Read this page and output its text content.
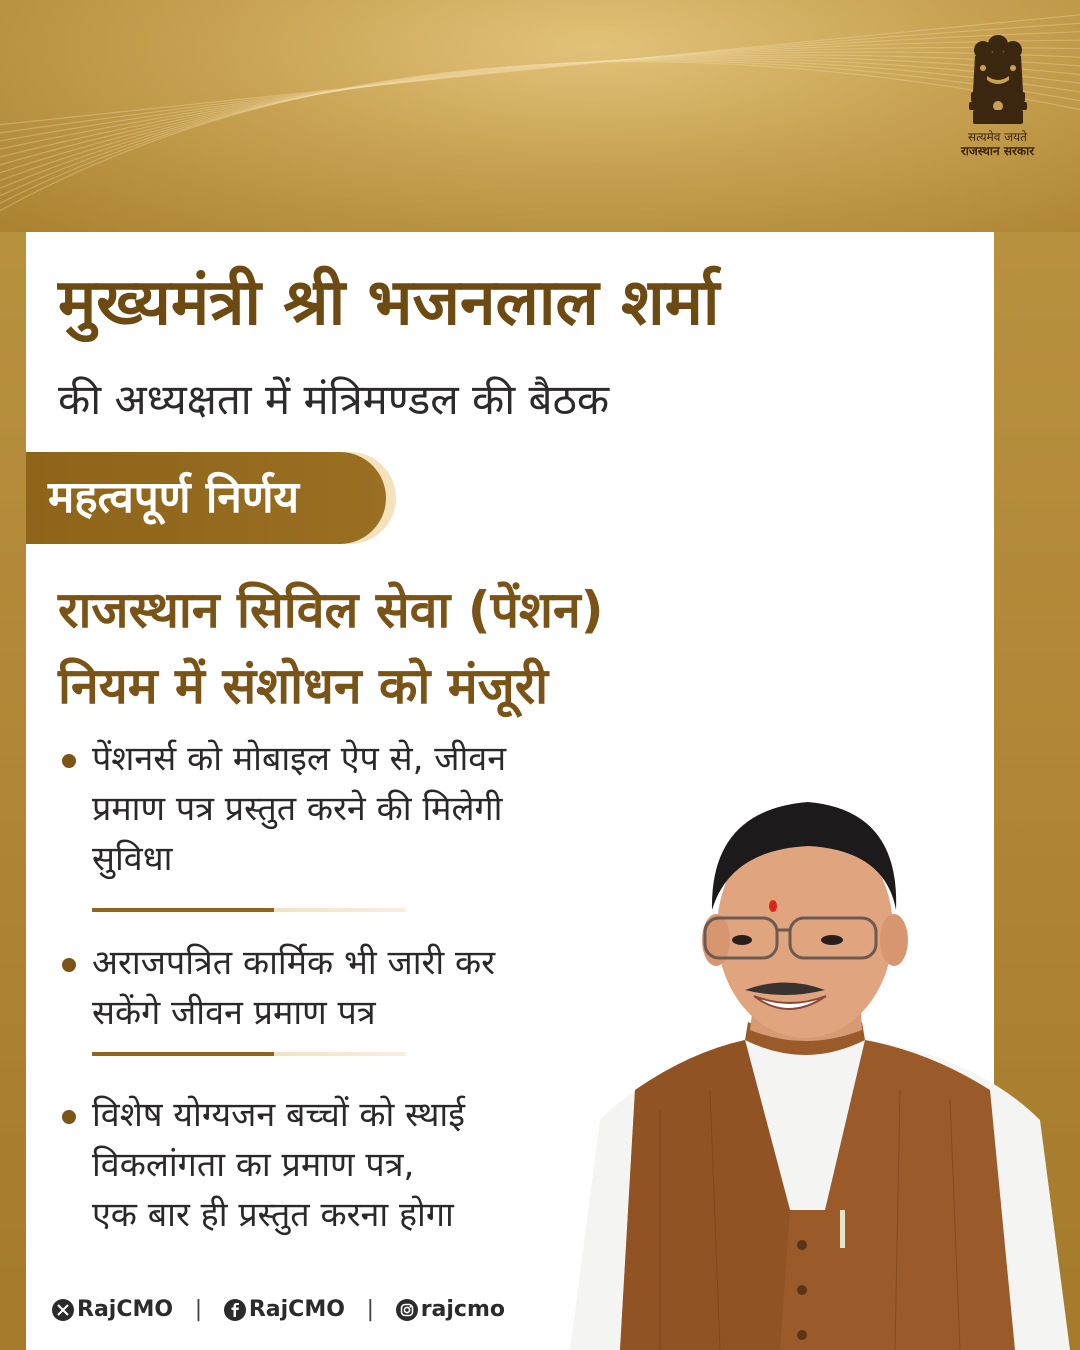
सत्यमेव जयते
राजस्थान सरकार
मुख्यमंत्री श्री भजनलाल शर्मा
की अध्यक्षता में मंत्रिमण्डल की बैठक
महत्वपूर्ण निर्णय
राजस्थान सिविल सेवा (पेंशन)
नियम में संशोधन को मंजूरी
पेंशनर्स को मोबाइल ऐप से, जीवन
प्रमाण पत्र प्रस्तुत करने की मिलेगी
सुविधा
अराजपत्रित कार्मिक भी जारी कर
सकेंगे जीवन प्रमाण पत्र
विशेष योग्यजन बच्चों को स्थाई
विकलांगता का प्रमाण पत्र,
एक बार ही प्रस्तुत करना होगा
RajCMO | RajCMO | rajcmo
